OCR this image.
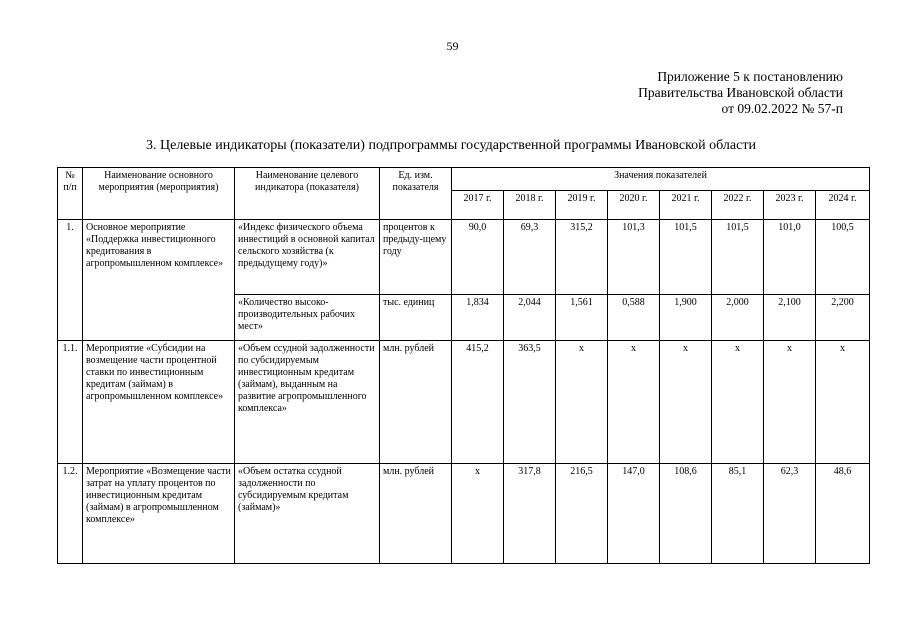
59
Приложение 5 к постановлению
Правительства Ивановской области
от 09.02.2022 № 57-п
3. Целевые индикаторы (показатели) подпрограммы государственной программы Ивановской области
№ п/п	Наименование основного мероприятия (мероприятия)	Наименование целевого индикатора (показателя)	Ед. изм. показателя	Значения показателей							
				2017 г.	2018 г.	2019 г.	2020 г.	2021 г.	2022 г.	2023 г.	2024 г.
1.	Основное мероприятие «Поддержка инвестиционного кредитования в агропромышленном комплексе»	«Индекс физического объема инвестиций в основной капитал сельского хозяйства (к предыдущему году)»	процентов к предыду-щему году	90,0	69,3	315,2	101,3	101,5	101,5	101,0	100,5
		«Количество высоко-производительных рабочих мест»	тыс. единиц	1,834	2,044	1,561	0,588	1,900	2,000	2,100	2,200
1.1.	Мероприятие «Субсидии на возмещение части процентной ставки по инвестиционным кредитам (займам) в агропромышленном комплексе»	«Объем ссудной задолженности по субсидируемым инвестиционным кредитам (займам), выданным на развитие агропромышленного комплекса»	млн. рублей	415,2	363,5	x	x	x	x	x	x
1.2.	Мероприятие «Возмещение части затрат на уплату процентов по инвестиционным кредитам (займам) в агропромышленном комплексе»	«Объем остатка ссудной задолженности по субсидируемым кредитам (займам)»	млн. рублей	x	317,8	216,5	147,0	108,6	85,1	62,3	48,6
